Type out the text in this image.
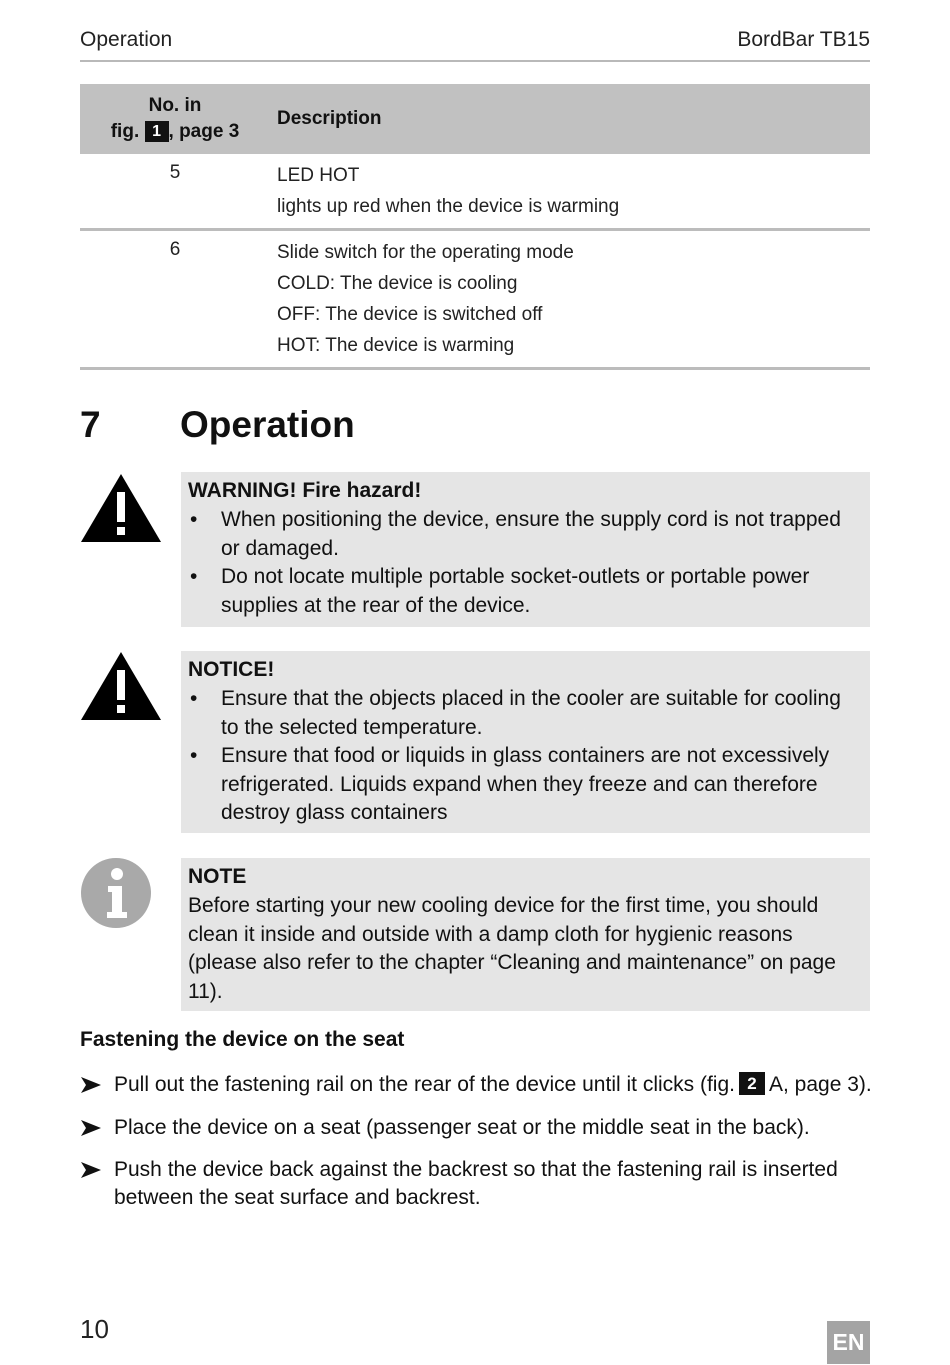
Operation	BordBar TB15
No. in
fig. 1 , page 3	Description
5	LED HOT
lights up red when the device is warming

6	Slide switch for the operating mode
COLD: The device is cooling
OFF: The device is switched off
HOT: The device is warming
7 Operation
WARNING! Fire hazard!
• When positioning the device, ensure the supply cord is not trapped or damaged.
• Do not locate multiple portable socket-outlets or portable power supplies at the rear of the device.
NOTICE!
• Ensure that the objects placed in the cooler are suitable for cooling to the selected temperature.
• Ensure that food or liquids in glass containers are not excessively refrigerated. Liquids expand when they freeze and can therefore destroy glass containers
NOTE
Before starting your new cooling device for the first time, you should clean it inside and outside with a damp cloth for hygienic reasons (please also refer to the chapter “Cleaning and maintenance” on page 11).
Fastening the device on the seat
Pull out the fastening rail on the rear of the device until it clicks (fig. 2 A, page 3).
Place the device on a seat (passenger seat or the middle seat in the back).
Push the device back against the backrest so that the fastening rail is inserted between the seat surface and backrest.
10	EN
